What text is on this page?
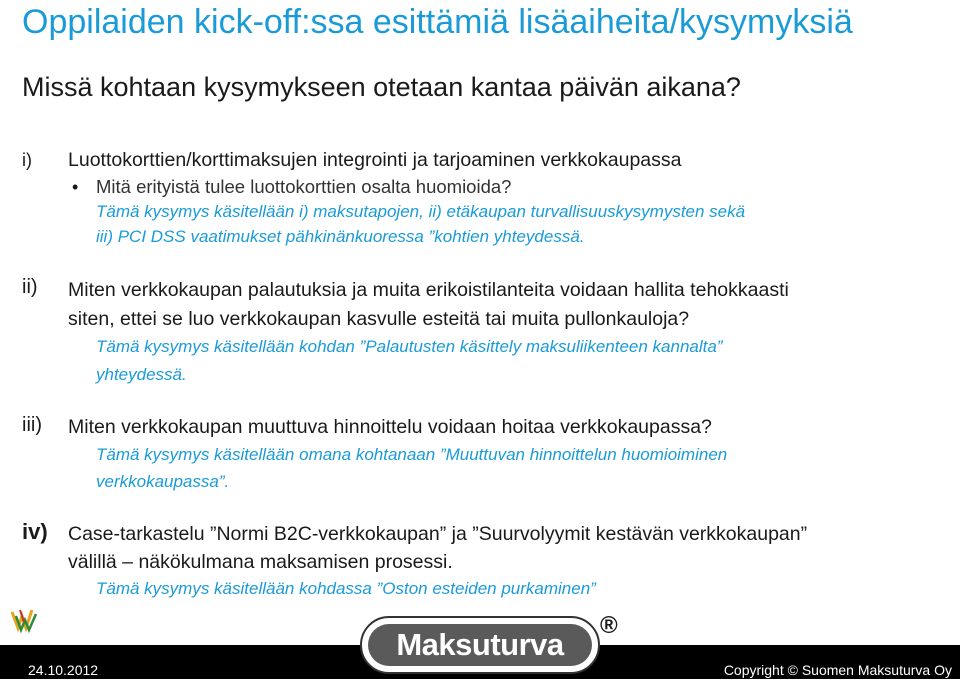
Oppilaiden kick-off:ssa esittämiä lisäaiheita/kysymyksiä
Missä kohtaan kysymykseen otetaan kantaa päivän aikana?
i) Luottokorttien/korttimaksujen integrointi ja tarjoaminen verkkokaupassa
• Mitä erityistä tulee luottokorttien osalta huomioida?
Tämä kysymys käsitellään i) maksutapojen, ii) etäkaupan turvallisuuskysymysten sekä
iii) PCI DSS vaatimukset pähkinänkuoressa ”kohtien yhteydessä.
ii) Miten verkkokaupan palautuksia ja muita erikoistilanteita voidaan hallita tehokkaasti
siten, ettei se luo verkkokaupan kasvulle esteitä tai muita pullonkauloja?
Tämä kysymys käsitellään kohdan ”Palautusten käsittely maksuliikenteen kannalta”
yhteydessä.
iii) Miten verkkokaupan muuttuva hinnoittelu voidaan hoitaa verkkokaupassa?
Tämä kysymys käsitellään omana kohtanaan ”Muuttuvan hinnoittelun huomioiminen
verkkokaupassa”.
iv) Case-tarkastelu ”Normi B2C-verkkokaupan” ja ”Suurvolyymit kestävän verkkokaupan”
välillä – näkökulmana maksamisen prosessi.
Tämä kysymys käsitellään kohdassa ”Oston esteiden purkaminen”
24.10.2012	Copyright © Suomen Maksuturva Oy
Maksuturva
®
